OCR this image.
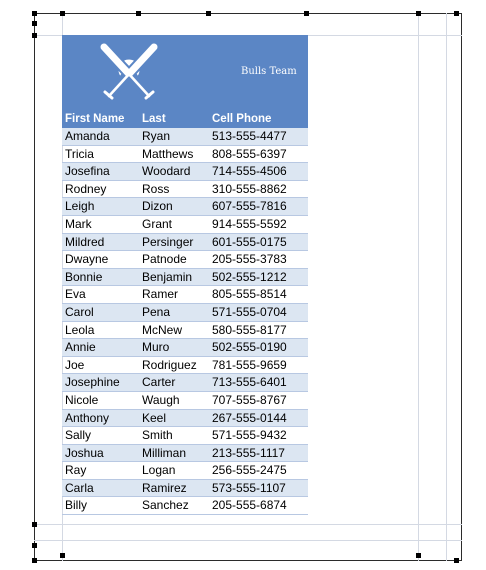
Bulls Team
First Name	Last	Cell Phone
Amanda	Ryan	513-555-4477
Tricia	Matthews	808-555-6397
Josefina	Woodard	714-555-4506
Rodney	Ross	310-555-8862
Leigh	Dizon	607-555-7816
Mark	Grant	914-555-5592
Mildred	Persinger	601-555-0175
Dwayne	Patnode	205-555-3783
Bonnie	Benjamin	502-555-1212
Eva	Ramer	805-555-8514
Carol	Pena	571-555-0704
Leola	McNew	580-555-8177
Annie	Muro	502-555-0190
Joe	Rodriguez	781-555-9659
Josephine	Carter	713-555-6401
Nicole	Waugh	707-555-8767
Anthony	Keel	267-555-0144
Sally	Smith	571-555-9432
Joshua	Milliman	213-555-1117
Ray	Logan	256-555-2475
Carla	Ramirez	573-555-1107
Billy	Sanchez	205-555-6874
